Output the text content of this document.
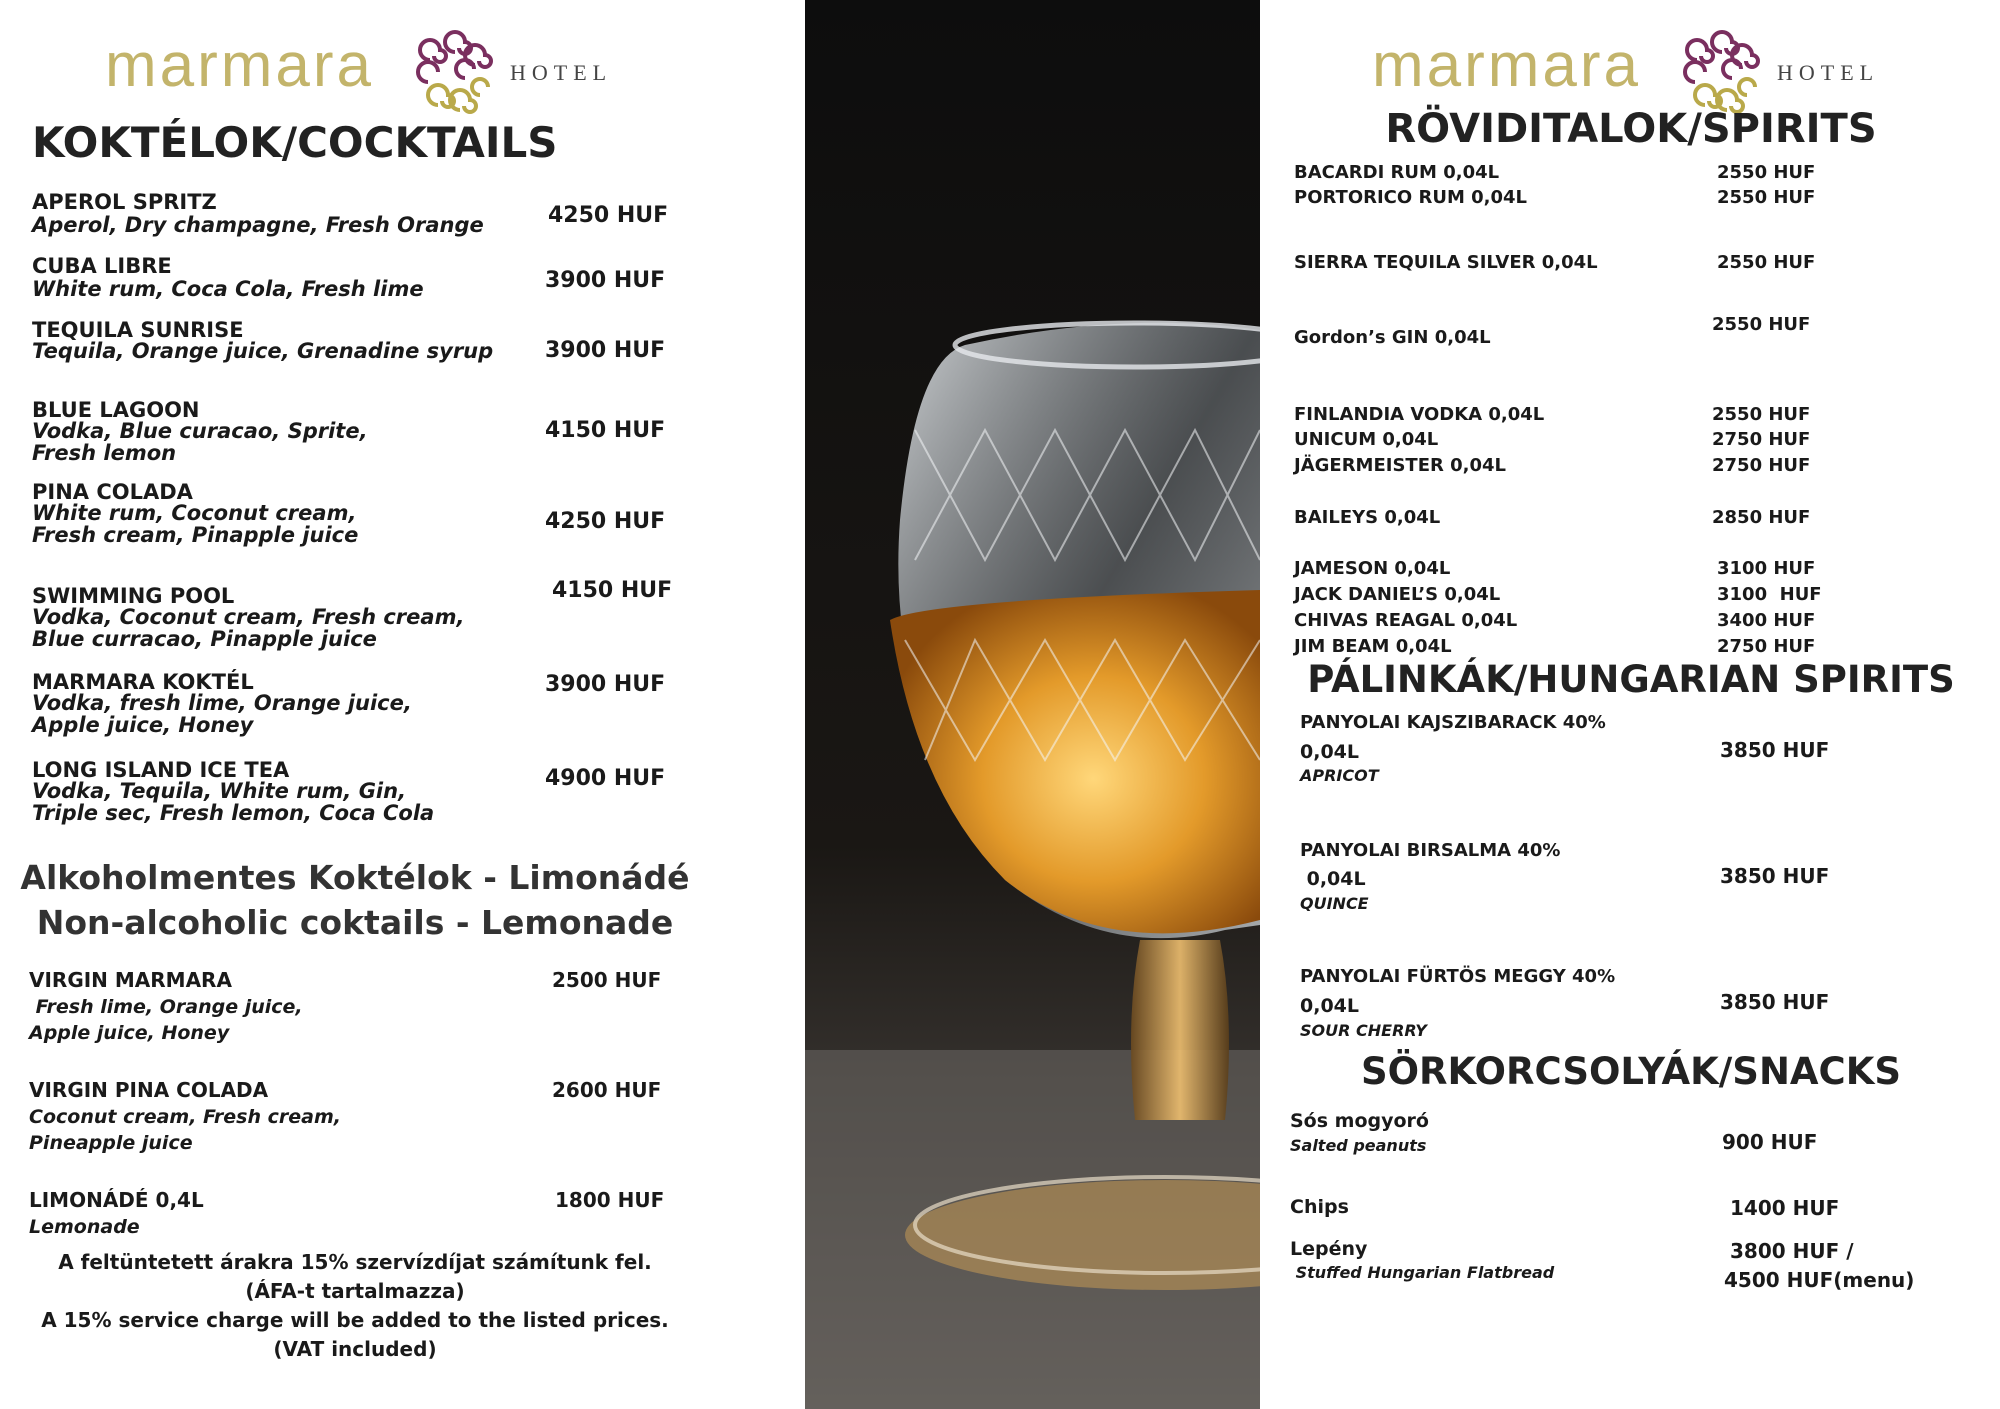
marmara	HOTEL	marmara	HOTEL
KOKTÉLOK/COCKTAILS
APEROL SPRITZ
Aperol, Dry champagne, Fresh Orange	4250 HUF
CUBA LIBRE
White rum, Coca Cola, Fresh lime	3900 HUF
TEQUILA SUNRISE
Tequila, Orange juice, Grenadine syrup 3900 HUF
BLUE LAGOON
Vodka, Blue curacao, Sprite,
Fresh lemon
4150 HUF
PINA COLADA
White rum, Coconut cream,
Fresh cream, Pinapple juice
4250 HUF
SWIMMING POOL
Vodka, Coconut cream, Fresh cream,
Blue curracao, Pinapple juice
4150 HUF
MARMARA KOKTÉL
Vodka, fresh lime, Orange juice,
Apple juice, Honey
3900 HUF
LONG ISLAND ICE TEA
Vodka, Tequila, White rum, Gin,
Triple sec, Fresh lemon, Coca Cola
4900 HUF
Alkoholmentes Koktélok - Limonádé
Non-alcoholic coktails - Lemonade
VIRGIN MARMARA
Fresh lime, Orange juice,
Apple juice, Honey
2500 HUF
VIRGIN PINA COLADA
Coconut cream, Fresh cream,
Pineapple juice
2600 HUF
LIMONÁDÉ 0,4L
Lemonade
1800 HUF
A feltüntetett árakra 15% szervízdíjat számítunk fel.
(ÁFA-t tartalmazza)
A 15% service charge will be added to the listed prices.
(VAT included)
RÖVIDITALOK/SPIRITS
BACARDI RUM 0,04L	2550 HUF
PORTORICO RUM 0,04L	2550 HUF
SIERRA TEQUILA SILVER 0,04L	2550 HUF
Gordon’s GIN 0,04L
2550 HUF
FINLANDIA VODKA 0,04L	2550 HUF
UNICUM 0,04L	2750 HUF
JÄGERMEISTER 0,04L	2750 HUF
BAILEYS 0,04L	2850 HUF
JAMESON 0,04L	3100 HUF
JACK DANIEL’S 0,04L	3100  HUF
CHIVAS REAGAL 0,04L	3400 HUF
JIM BEAM 0,04L	2750 HUF
PÁLINKÁK/HUNGARIAN SPIRITS
PANYOLAI KAJSZIBARACK 40%
0,04L
APRICOT
3850 HUF
PANYOLAI BIRSALMA 40%
0,04L
QUINCE
3850 HUF
PANYOLAI FÜRTÖS MEGGY 40%
0,04L
SOUR CHERRY
3850 HUF
SÖRKORCSOLYÁK/SNACKS
Sós mogyoró
Salted peanuts	900 HUF
Chips	1400 HUF
Lepény
Stuffed Hungarian Flatbread
3800 HUF /
4500 HUF(menu)
